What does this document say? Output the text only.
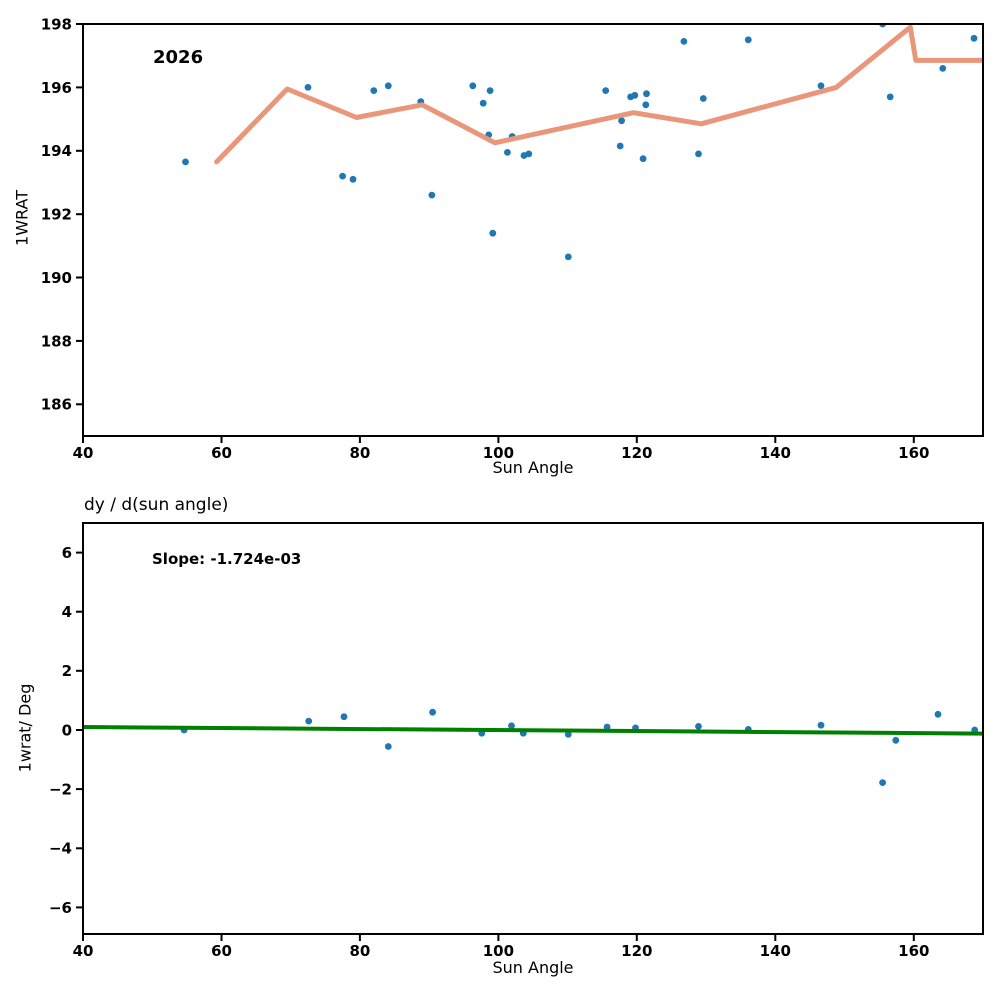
40	60	80	100	120	140	160
198
196
194
192
190
188
186
40	60	80	100	120	140	160
6
4
2
0
−2
−4
−6
2026
Sun Angle
1WRAT
dy / d(sun angle)
Slope: -1.724e-03
Sun Angle
1wrat/ Deg
